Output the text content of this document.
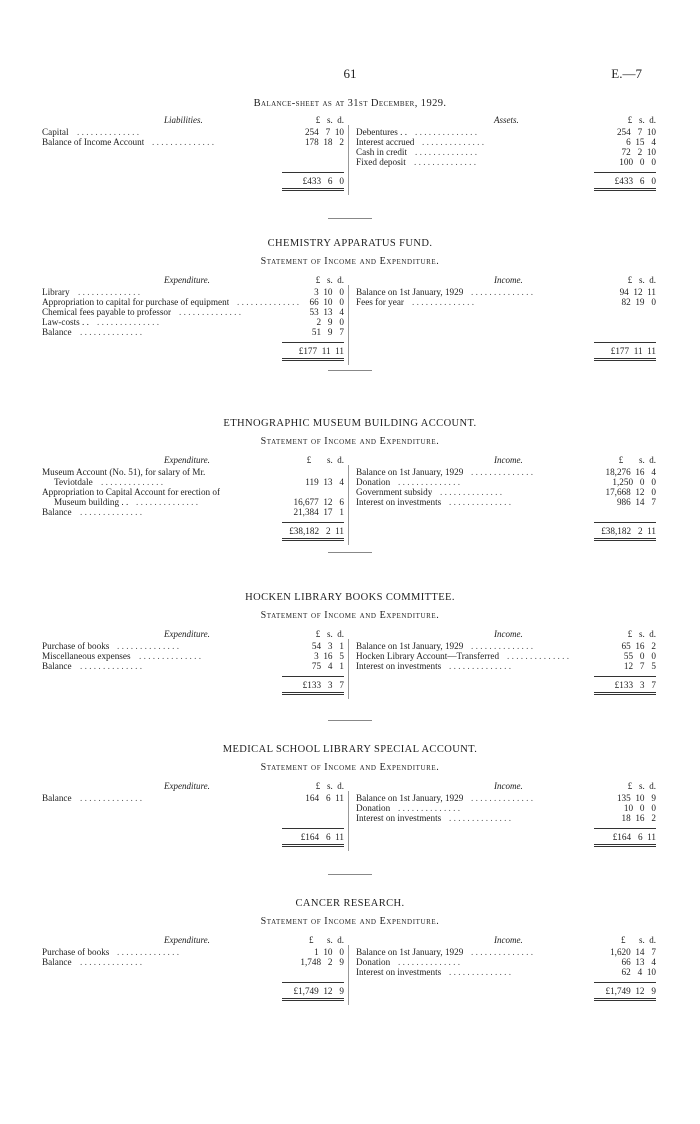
61	E.—7
Balance-sheet as at 31st December, 1929.
Liabilities.	£   s.  d.
Capital	254   7  10
. . . . . . . . . . . . . .
Balance of Income Account	178  18   2
. . . . . . . . . . . . . .
£433   6   0
Assets.	£   s.  d.
Debentures . .	254   7  10
. . . . . . . . . . . . . .
Interest accrued	6  15   4
. . . . . . . . . . . . . .
Cash in credit	72   2  10
. . . . . . . . . . . . . .
Fixed deposit	100   0   0
. . . . . . . . . . . . . .
£433   6   0
CHEMISTRY APPARATUS FUND.
Statement of Income and Expenditure.
Expenditure.	£   s.  d.
Library	3  10   0
. . . . . . . . . . . . . .
Appropriation to capital for purchase of equipment	66  10   0
. . . . . . . . . . . . . .
Chemical fees payable to professor	53  13   4
. . . . . . . . . . . . . .
Law-costs . .	2   9   0
. . . . . . . . . . . . . .
Balance	51   9   7
. . . . . . . . . . . . . .
£177  11  11
Income.	£   s.  d.
Balance on 1st January, 1929	94  12  11
. . . . . . . . . . . . . .
Fees for year	82  19   0
. . . . . . . . . . . . . .
£177  11  11
ETHNOGRAPHIC MUSEUM BUILDING ACCOUNT.
Statement of Income and Expenditure.
Expenditure.	£       s.  d.
Museum Account (No. 51), for salary of Mr.
Teviotdale	119  13   4
. . . . . . . . . . . . . .
Appropriation to Capital Account for erection of
Museum building . .	16,677  12   6
. . . . . . . . . . . . . .
Balance	21,384  17   1
. . . . . . . . . . . . . .
£38,182   2  11
Income.	£       s.  d.
Balance on 1st January, 1929	18,276  16   4
. . . . . . . . . . . . . .
Donation	1,250   0   0
. . . . . . . . . . . . . .
Government subsidy	17,668  12   0
. . . . . . . . . . . . . .
Interest on investments	986  14   7
. . . . . . . . . . . . . .
£38,182   2  11
HOCKEN LIBRARY BOOKS COMMITTEE.
Statement of Income and Expenditure.
Expenditure.	£   s.  d.
Purchase of books	54   3   1
. . . . . . . . . . . . . .
Miscellaneous expenses	3  16   5
. . . . . . . . . . . . . .
Balance	75   4   1
. . . . . . . . . . . . . .
£133   3   7
Income.	£   s.  d.
Balance on 1st January, 1929	65  16   2
. . . . . . . . . . . . . .
Hocken Library Account—Transferred	55   0   0
. . . . . . . . . . . . . .
Interest on investments	12   7   5
. . . . . . . . . . . . . .
£133   3   7
MEDICAL SCHOOL LIBRARY SPECIAL ACCOUNT.
Statement of Income and Expenditure.
Expenditure.	£   s.  d.
Balance	164   6  11
. . . . . . . . . . . . . .
£164   6  11
Income.	£   s.  d.
Balance on 1st January, 1929	135  10   9
. . . . . . . . . . . . . .
Donation	10   0   0
. . . . . . . . . . . . . .
Interest on investments	18  16   2
. . . . . . . . . . . . . .
£164   6  11
CANCER RESEARCH.
Statement of Income and Expenditure.
Expenditure.	£      s.  d.
Purchase of books	1  10   0
. . . . . . . . . . . . . .
Balance	1,748   2   9
. . . . . . . . . . . . . .
£1,749  12   9
Income.	£      s.  d.
Balance on 1st January, 1929	1,620  14   7
. . . . . . . . . . . . . .
Donation	66  13   4
. . . . . . . . . . . . . .
Interest on investments	62   4  10
. . . . . . . . . . . . . .
£1,749  12   9
